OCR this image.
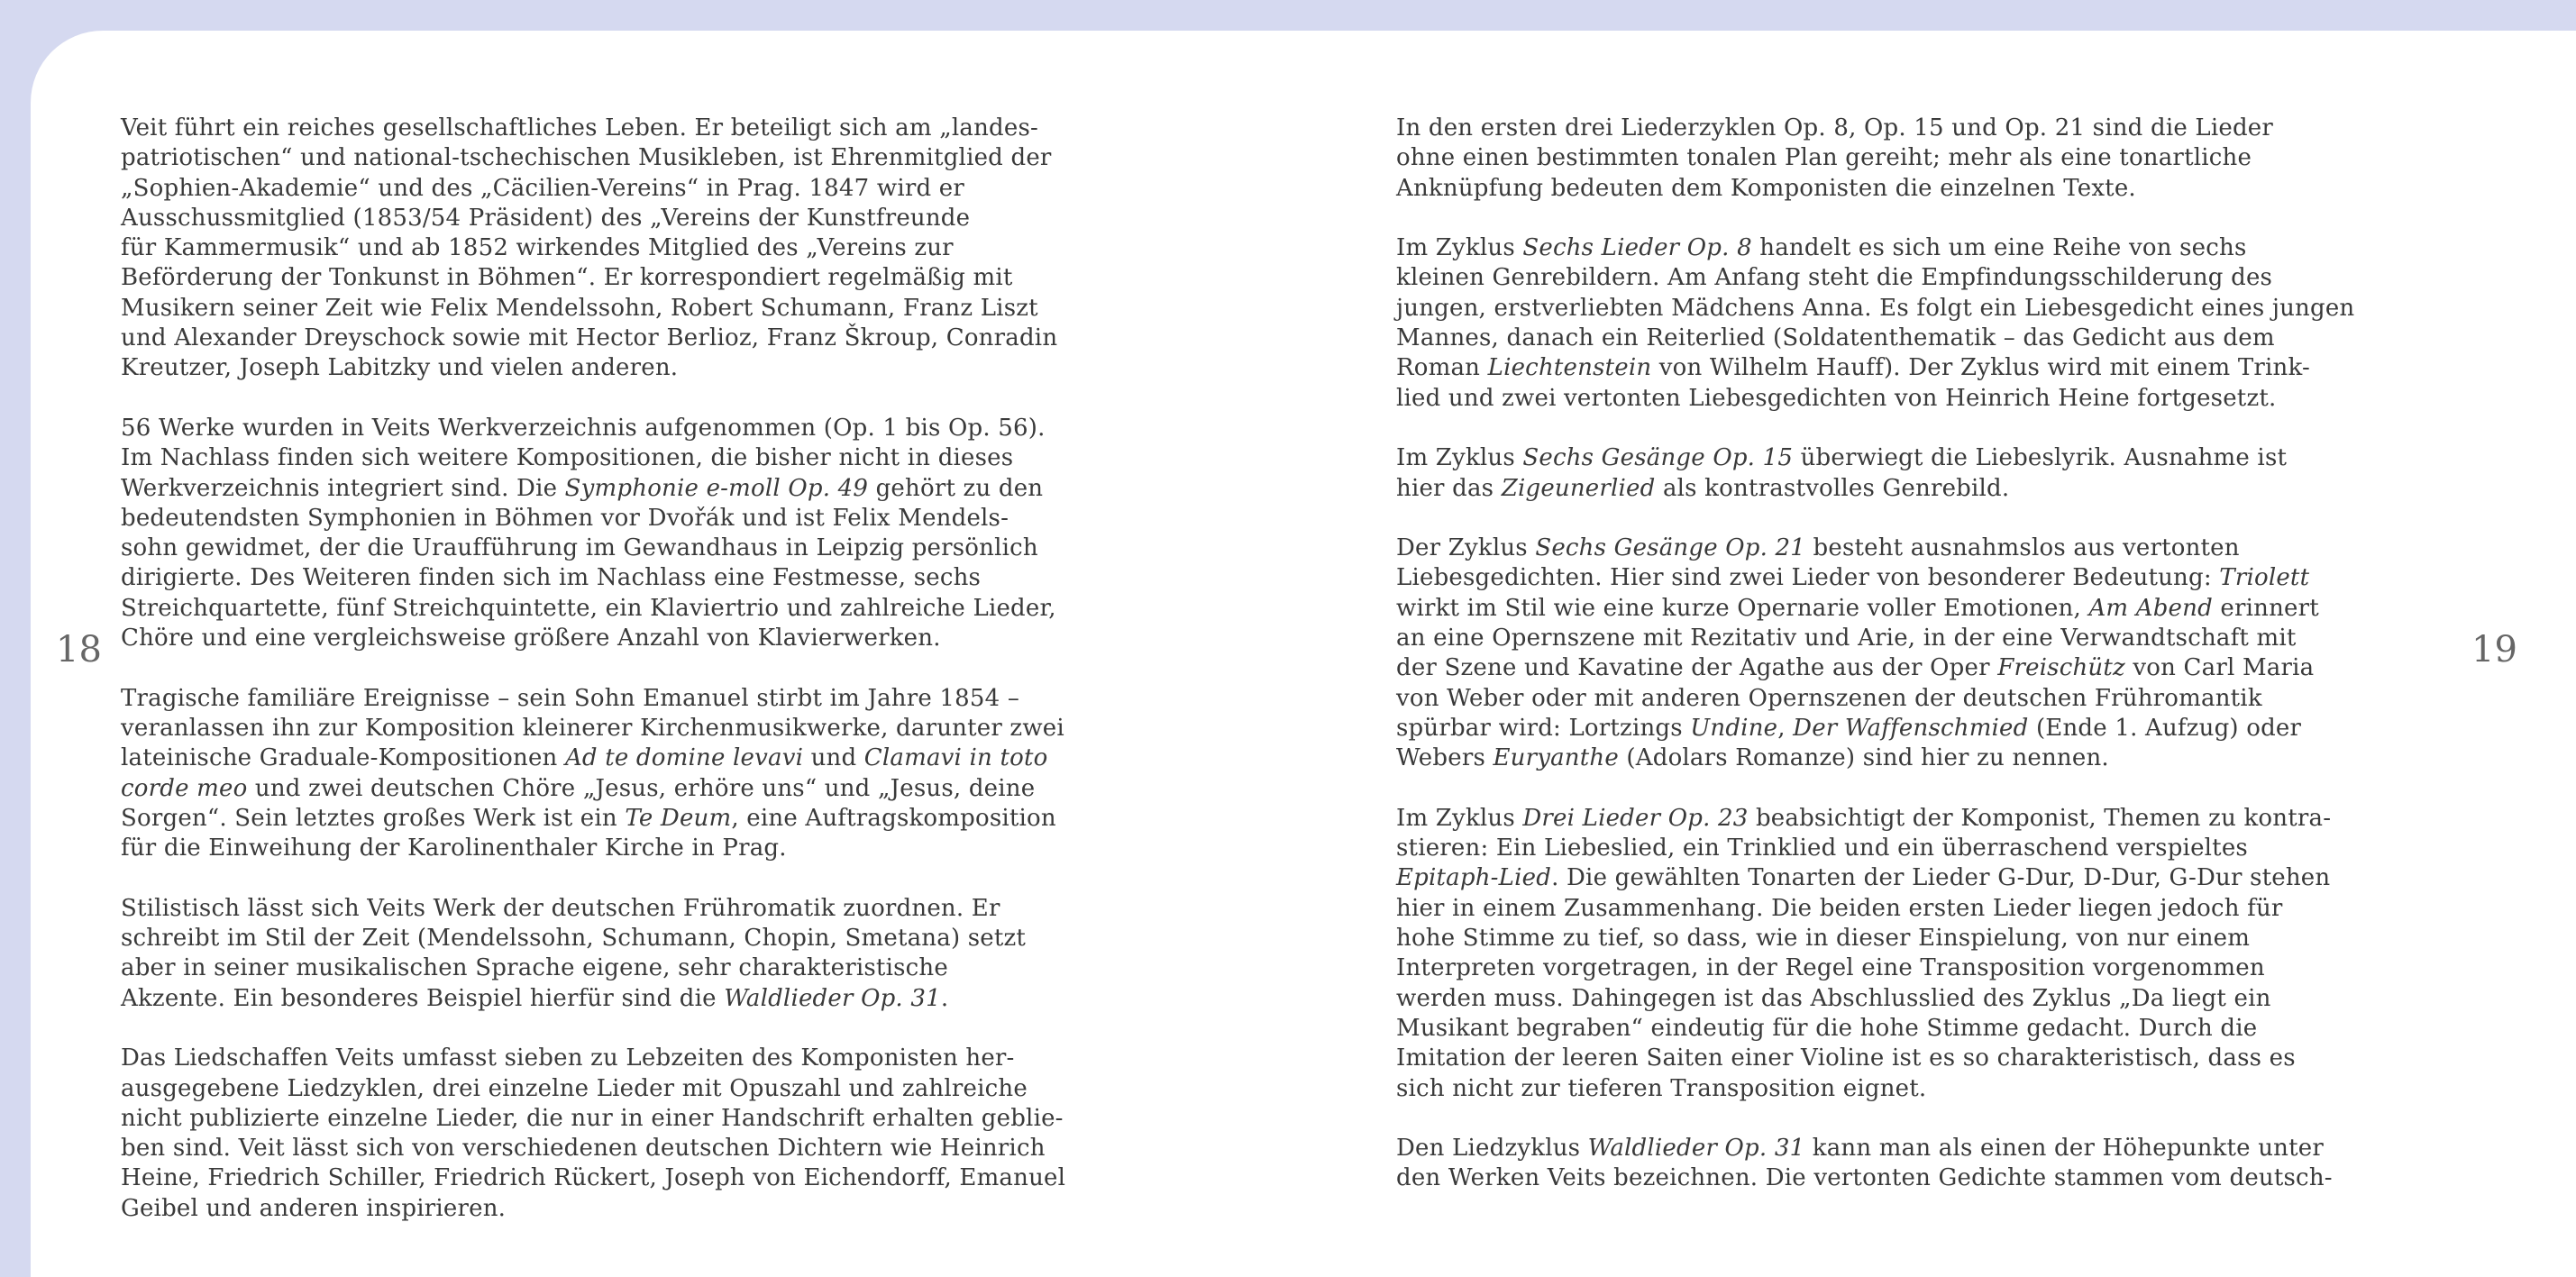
18	19

Veit führt ein reiches gesellschaftliches Leben. Er beteiligt sich am „landes-
patriotischen“ und national-tschechischen Musikleben, ist Ehrenmitglied der
„Sophien-Akademie“ und des „Cäcilien-Vereins“ in Prag. 1847 wird er
Ausschussmitglied (1853/54 Präsident) des „Vereins der Kunstfreunde
für Kammermusik“ und ab 1852 wirkendes Mitglied des „Vereins zur
Beförderung der Tonkunst in Böhmen“. Er korrespondiert regelmäßig mit
Musikern seiner Zeit wie Felix Mendelssohn, Robert Schumann, Franz Liszt
und Alexander Dreyschock sowie mit Hector Berlioz, Franz Škroup, Conradin
Kreutzer, Joseph Labitzky und vielen anderen.

56 Werke wurden in Veits Werkverzeichnis aufgenommen (Op. 1 bis Op. 56).
Im Nachlass finden sich weitere Kompositionen, die bisher nicht in dieses
Werkverzeichnis integriert sind. Die Symphonie e-moll Op. 49 gehört zu den
bedeutendsten Symphonien in Böhmen vor Dvořák und ist Felix Mendels-
sohn gewidmet, der die Uraufführung im Gewandhaus in Leipzig persönlich
dirigierte. Des Weiteren finden sich im Nachlass eine Festmesse, sechs
Streichquartette, fünf Streichquintette, ein Klaviertrio und zahlreiche Lieder,
Chöre und eine vergleichsweise größere Anzahl von Klavierwerken.

Tragische familiäre Ereignisse – sein Sohn Emanuel stirbt im Jahre 1854 –
veranlassen ihn zur Komposition kleinerer Kirchenmusikwerke, darunter zwei
lateinische Graduale-Kompositionen Ad te domine levavi und Clamavi in toto
corde meo und zwei deutschen Chöre „Jesus, erhöre uns“ und „Jesus, deine
Sorgen“. Sein letztes großes Werk ist ein Te Deum, eine Auftragskomposition
für die Einweihung der Karolinenthaler Kirche in Prag.

Stilistisch lässt sich Veits Werk der deutschen Frühromatik zuordnen. Er
schreibt im Stil der Zeit (Mendelssohn, Schumann, Chopin, Smetana) setzt
aber in seiner musikalischen Sprache eigene, sehr charakteristische
Akzente. Ein besonderes Beispiel hierfür sind die Waldlieder Op. 31.

Das Liedschaffen Veits umfasst sieben zu Lebzeiten des Komponisten her-
ausgegebene Liedzyklen, drei einzelne Lieder mit Opuszahl und zahlreiche
nicht publizierte einzelne Lieder, die nur in einer Handschrift erhalten geblie-
ben sind. Veit lässt sich von verschiedenen deutschen Dichtern wie Heinrich
Heine, Friedrich Schiller, Friedrich Rückert, Joseph von Eichendorff, Emanuel
Geibel und anderen inspirieren.

In den ersten drei Liederzyklen Op. 8, Op. 15 und Op. 21 sind die Lieder
ohne einen bestimmten tonalen Plan gereiht; mehr als eine tonartliche
Anknüpfung bedeuten dem Komponisten die einzelnen Texte.

Im Zyklus Sechs Lieder Op. 8 handelt es sich um eine Reihe von sechs
kleinen Genrebildern. Am Anfang steht die Empfindungsschilderung des
jungen, erstverliebten Mädchens Anna. Es folgt ein Liebesgedicht eines jungen
Mannes, danach ein Reiterlied (Soldatenthematik – das Gedicht aus dem
Roman Liechtenstein von Wilhelm Hauff). Der Zyklus wird mit einem Trink-
lied und zwei vertonten Liebesgedichten von Heinrich Heine fortgesetzt.

Im Zyklus Sechs Gesänge Op. 15 überwiegt die Liebeslyrik. Ausnahme ist
hier das Zigeunerlied als kontrastvolles Genrebild.

Der Zyklus Sechs Gesänge Op. 21 besteht ausnahmslos aus vertonten
Liebesgedichten. Hier sind zwei Lieder von besonderer Bedeutung: Triolett
wirkt im Stil wie eine kurze Opernarie voller Emotionen, Am Abend erinnert
an eine Opernszene mit Rezitativ und Arie, in der eine Verwandtschaft mit
der Szene und Kavatine der Agathe aus der Oper Freischütz von Carl Maria
von Weber oder mit anderen Opernszenen der deutschen Frühromantik
spürbar wird: Lortzings Undine, Der Waffenschmied (Ende 1. Aufzug) oder
Webers Euryanthe (Adolars Romanze) sind hier zu nennen.

Im Zyklus Drei Lieder Op. 23 beabsichtigt der Komponist, Themen zu kontra-
stieren: Ein Liebeslied, ein Trinklied und ein überraschend verspieltes
Epitaph-Lied. Die gewählten Tonarten der Lieder G-Dur, D-Dur, G-Dur stehen
hier in einem Zusammenhang. Die beiden ersten Lieder liegen jedoch für
hohe Stimme zu tief, so dass, wie in dieser Einspielung, von nur einem
Interpreten vorgetragen, in der Regel eine Transposition vorgenommen
werden muss. Dahingegen ist das Abschlusslied des Zyklus „Da liegt ein
Musikant begraben“ eindeutig für die hohe Stimme gedacht. Durch die
Imitation der leeren Saiten einer Violine ist es so charakteristisch, dass es
sich nicht zur tieferen Transposition eignet.

Den Liedzyklus Waldlieder Op. 31 kann man als einen der Höhepunkte unter
den Werken Veits bezeichnen. Die vertonten Gedichte stammen vom deutsch-
